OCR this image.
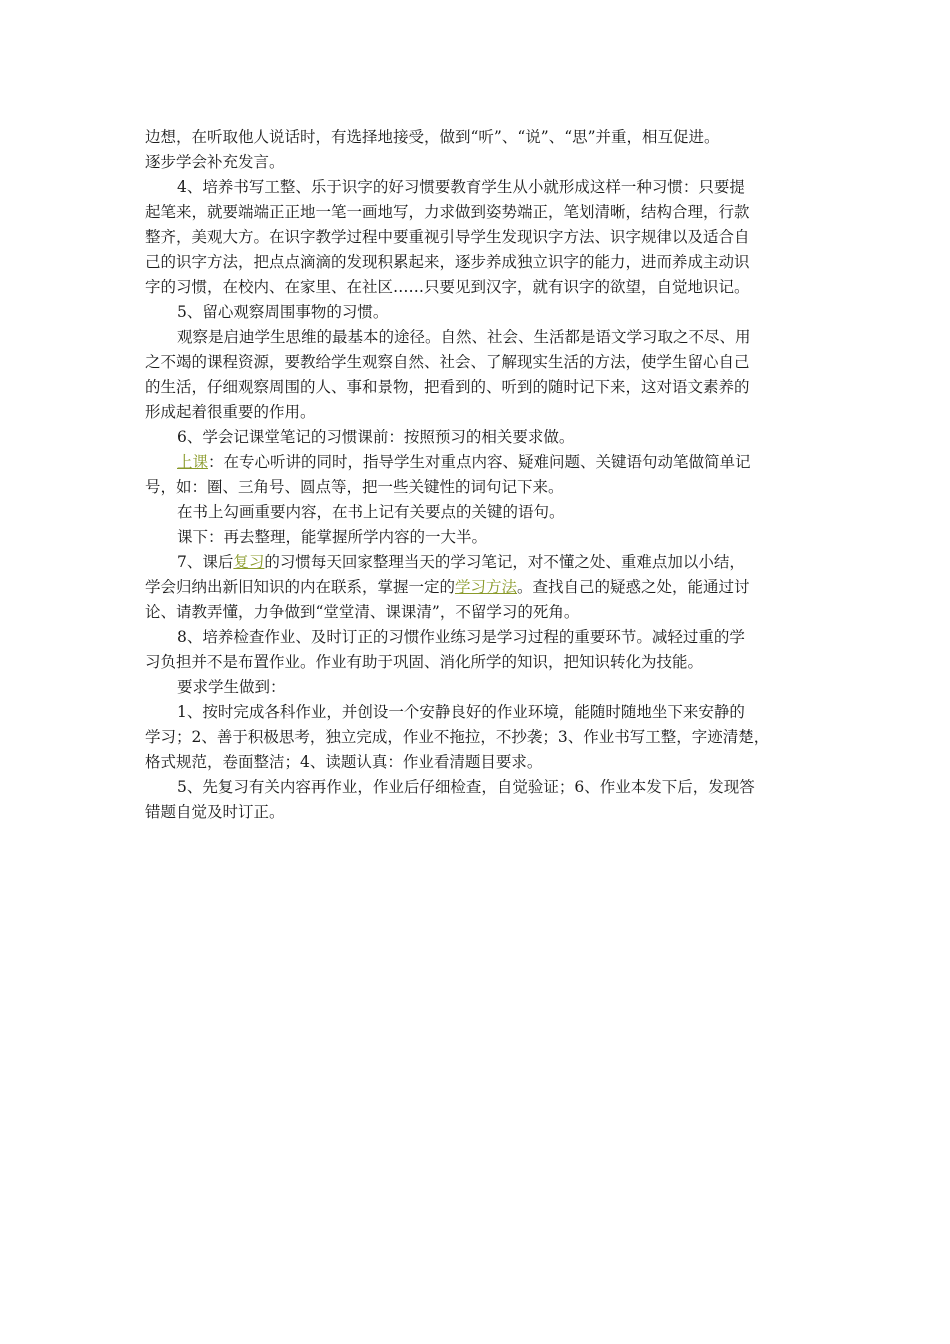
边想，在听取他人说话时，有选择地接受，做到“听”、“说”、“思”并重，相互促进。
逐步学会补充发言。
4、培养书写工整、乐于识字的好习惯要教育学生从小就形成这样一种习惯：只要提
起笔来，就要端端正正地一笔一画地写，力求做到姿势端正，笔划清晰，结构合理，行款
整齐，美观大方。在识字教学过程中要重视引导学生发现识字方法、识字规律以及适合自
己的识字方法，把点点滴滴的发现积累起来，逐步养成独立识字的能力，进而养成主动识
字的习惯，在校内、在家里、在社区……只要见到汉字，就有识字的欲望，自觉地识记。
5、留心观察周围事物的习惯。
观察是启迪学生思维的最基本的途径。自然、社会、生活都是语文学习取之不尽、用
之不竭的课程资源，要教给学生观察自然、社会、了解现实生活的方法，使学生留心自己
的生活，仔细观察周围的人、事和景物，把看到的、听到的随时记下来，这对语文素养的
形成起着很重要的作用。
6、学会记课堂笔记的习惯课前：按照预习的相关要求做。
上课：在专心听讲的同时，指导学生对重点内容、疑难问题、关键语句动笔做简单记
号，如：圈、三角号、圆点等，把一些关键性的词句记下来。
在书上勾画重要内容，在书上记有关要点的关键的语句。
课下：再去整理，能掌握所学内容的一大半。
7、课后复习的习惯每天回家整理当天的学习笔记，对不懂之处、重难点加以小结，
学会归纳出新旧知识的内在联系，掌握一定的学习方法。查找自己的疑惑之处，能通过讨
论、请教弄懂，力争做到“堂堂清、课课清”，不留学习的死角。
8、培养检查作业、及时订正的习惯作业练习是学习过程的重要环节。减轻过重的学
习负担并不是布置作业。作业有助于巩固、消化所学的知识，把知识转化为技能。
要求学生做到：
1、按时完成各科作业，并创设一个安静良好的作业环境，能随时随地坐下来安静的
学习；2、善于积极思考，独立完成，作业不拖拉，不抄袭；3、作业书写工整，字迹清楚，
格式规范，卷面整洁；4、读题认真：作业看清题目要求。
5、先复习有关内容再作业，作业后仔细检查，自觉验证；6、作业本发下后，发现答
错题自觉及时订正。
